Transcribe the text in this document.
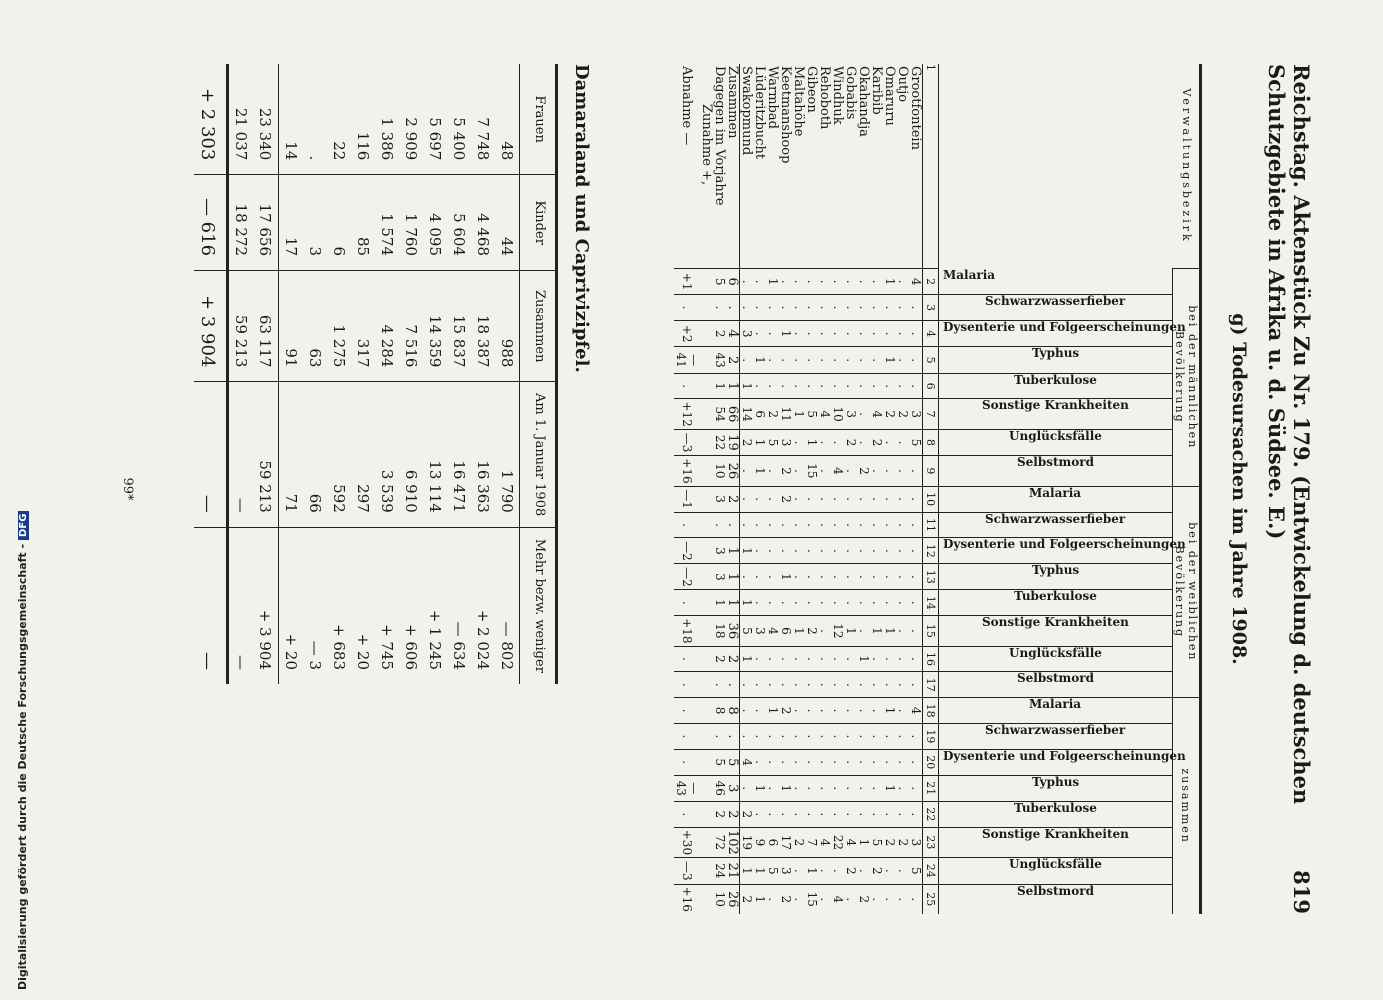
Reichstag. Aktenstück Zu Nr. 179. (Entwickelung d. deutschen Schutzgebiete in Afrika u. d. Südsee. E.)
819
g) Todesursachen im Jahre 1908.
Verwaltungsbezirk	bei der männlichen Bevölkerung								bei der weiblichen Bevölkerung								zusammen							

	Malaria	Schwarzwasserfieber	Dysenterie und Folgeerscheinungen	Typhus	Tuberkulose	Sonstige Krankheiten	Unglücksfälle	Selbstmord	Malaria	Schwarzwasserfieber	Dysenterie und Folgeerscheinungen	Typhus	Tuberkulose	Sonstige Krankheiten	Unglücksfälle	Selbstmord	Malaria	Schwarzwasserfieber	Dysenterie und Folgeerscheinungen	Typhus	Tuberkulose	Sonstige Krankheiten	Unglücksfälle	Selbstmord

1	2	3	4	5	6	7	8	9	10	11	12	13	14	15	16	17	18	19	20	21	22	23	24	25
Grootfontein	4	.	.	.	.	3	5	.	.	.	.	.	.	.	.	.	4	.	.	.	.	3	5	.
Outjo	.	.	.	.	.	2	.	.	.	.	.	.	.	.	.	.	.	.	.	.	.	2	.	.
Omaruru	1	.	.	1	.	2	.	.	.	.	.	.	.	1	.	.	1	.	.	1	.	2	.	.
Karibib	.	.	.	.	.	4	2	.	.	.	.	.	.	1	.	.	.	.	.	.	.	5	2	.
Okahandja	.	.	.	.	.	.	.	2	.	.	.	.	.	.	1	.	.	.	.	.	.	1	.	2
Gobabis	.	.	.	.	.	3	2	.	.	.	.	.	.	1	.	.	.	.	.	.	.	4	2	.
Windhuk	.	.	.	.	.	10	.	4	.	.	.	.	.	12	.	.	.	.	.	.	.	22	.	4
Rehoboth	.	.	.	.	.	4	.	.	.	.	.	.	.	.	.	.	.	.	.	.	.	4	.	.
Gibeon	.	.	.	.	.	5	1	15	.	.	.	.	.	2	.	.	.	.	.	.	.	7	1	15
Maltahöhe	.	.	.	.	.	1	.	.	.	.	.	.	.	1	.	.	.	.	.	.	.	2	.	.
Keetmanshoop	.	.	1	.	.	11	3	2	2	.	.	1	.	6	.	.	2	.	.	1	.	17	3	2
Warmbad	1	.	.	.	.	2	5	.	.	.	.	.	.	4	.	.	1	.	.	.	.	6	5	.
Lüderitzbucht	.	.	.	1	.	6	1	1	.	.	.	.	.	3	.	.	.	.	.	1	.	9	1	1
Swakopmund	.	.	3	.	1	14	2	.	.	.	1	.	1	5	1	.	.	.	4	.	2	19	1	2
Zusammen	6	.	4	2	1	66	19	26	2	.	1	1	1	36	2	.	8	.	5	3	2	102	21	26
Dagegen im Vorjahre	5	.	2	43	1	54	22	10	3	.	3	3	1	18	2	.	8	.	5	46	2	72	24	10
Zunahme +,																								
Abnahme —	+1	.	+2	—41	.	+12	—3	+16	—1	.	—2	—2	.	+18	.	.	.	.	.	—43	.	+30	—3	+16
Damaraland und Caprivizipfel.
Frauen	Kinder	Zusammen	Am 1. Januar 1908	Mehr bezw. weniger
48	44	988	1 790	— 802
7 748	4 468	18 387	16 363	+ 2 024
5 400	5 604	15 837	16 471	— 634
5 697	4 095	14 359	13 114	+ 1 245
2 909	1 760	7 516	6 910	+ 606
1 386	1 574	4 284	3 539	+ 745
116	85	317	297	+ 20
22	6	1 275	592	+ 683
.	3	63	66	— 3
14	17	91	71	+ 20
23 340	17 656	63 117	59 213	+ 3 904
21 037	18 272	59 213	—	—
+ 2 303	— 616	+ 3 904	—	—
99*
Digitalisierung gefördert durch die Deutsche Forschungsgemeinschaft -DFG
